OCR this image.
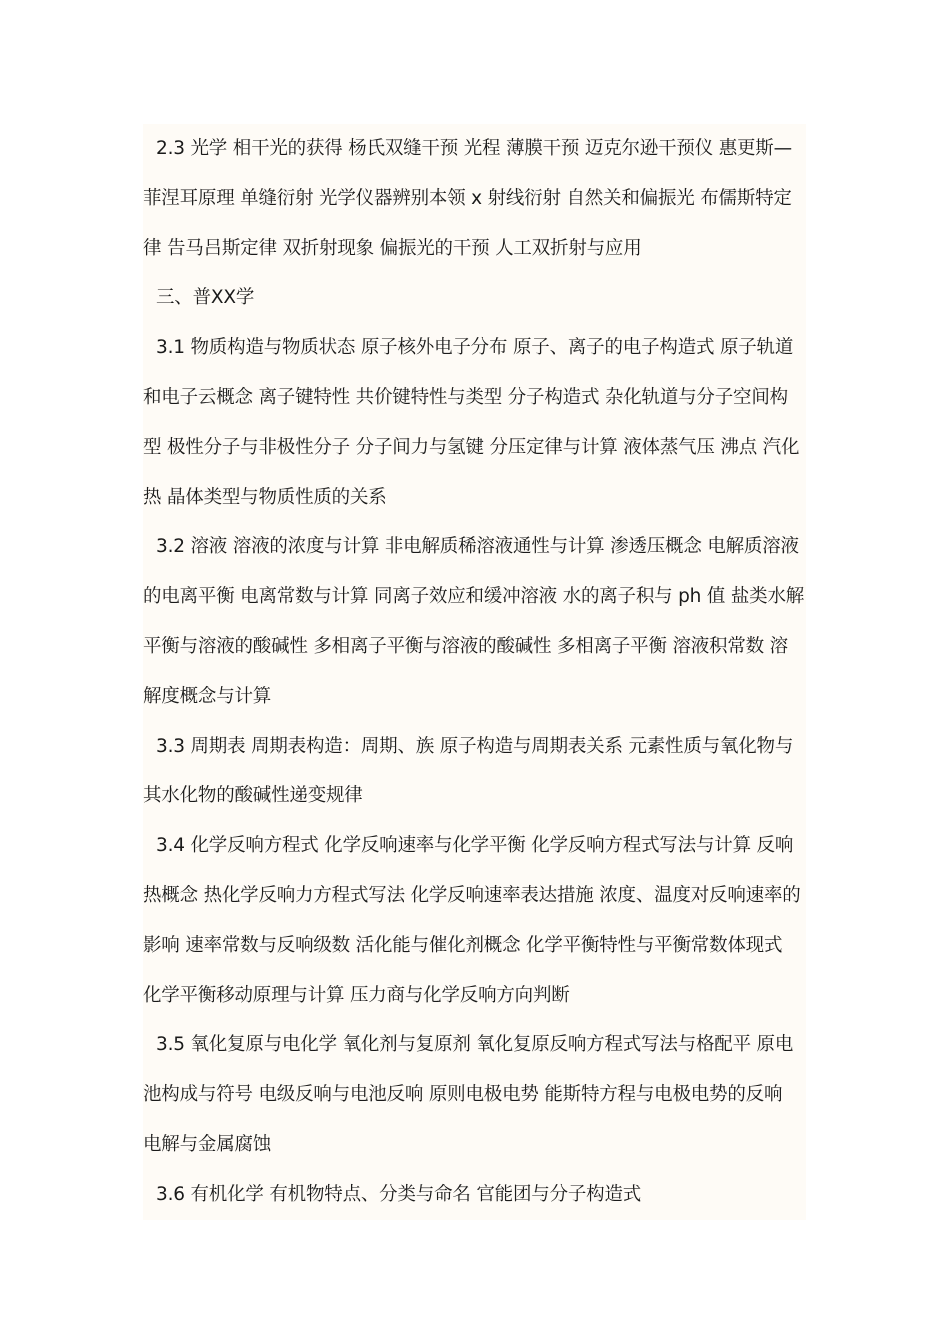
2.3 光学 相干光的获得 杨氏双缝干预 光程 薄膜干预 迈克尔逊干预仪 惠更斯—菲涅耳原理 单缝衍射 光学仪器辨别本领 x 射线衍射 自然关和偏振光 布儒斯特定律 告马吕斯定律 双折射现象 偏振光的干预 人工双折射与应用

三、普XX学

3.1 物质构造与物质状态 原子核外电子分布 原子、离子的电子构造式 原子轨道和电子云概念 离子键特性 共价键特性与类型 分子构造式 杂化轨道与分子空间构型 极性分子与非极性分子 分子间力与氢键 分压定律与计算 液体蒸气压 沸点 汽化热 晶体类型与物质性质的关系

3.2 溶液 溶液的浓度与计算 非电解质稀溶液通性与计算 渗透压概念 电解质溶液的电离平衡 电离常数与计算 同离子效应和缓冲溶液 水的离子积与 ph 值 盐类水解平衡与溶液的酸碱性 多相离子平衡与溶液的酸碱性 多相离子平衡 溶液积常数 溶解度概念与计算

3.3 周期表 周期表构造：周期、族 原子构造与周期表关系 元素性质与氧化物与其水化物的酸碱性递变规律

3.4 化学反响方程式 化学反响速率与化学平衡 化学反响方程式写法与计算 反响热概念 热化学反响力方程式写法 化学反响速率表达措施 浓度、温度对反响速率的影响 速率常数与反响级数 活化能与催化剂概念 化学平衡特性与平衡常数体现式 化学平衡移动原理与计算 压力商与化学反响方向判断

3.5 氧化复原与电化学 氧化剂与复原剂 氧化复原反响方程式写法与格配平 原电池构成与符号 电级反响与电池反响 原则电极电势 能斯特方程与电极电势的反响 电解与金属腐蚀

3.6 有机化学 有机物特点、分类与命名 官能团与分子构造式
